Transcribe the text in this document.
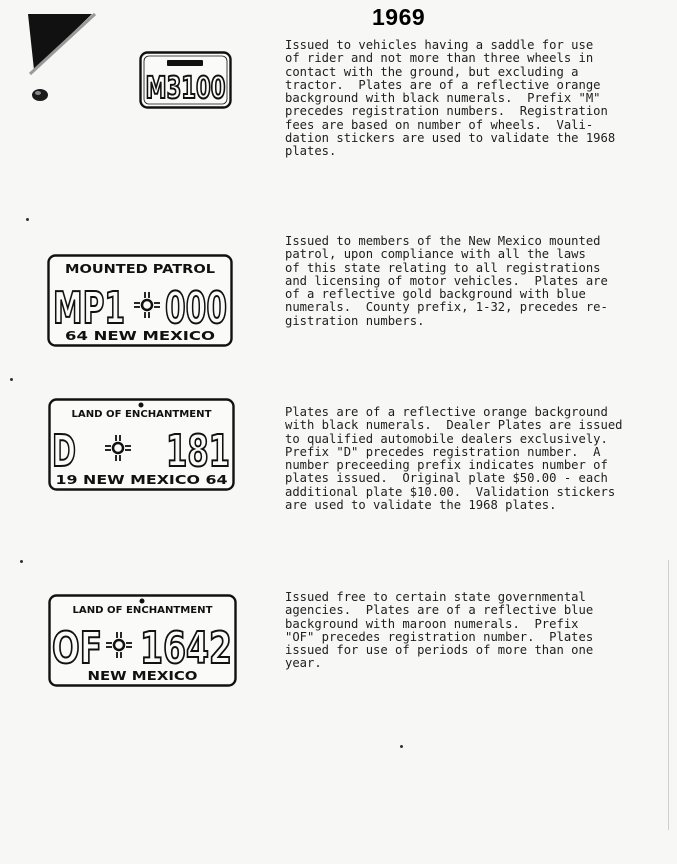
1969
M3100
MOUNTED PATROL
MP1 000
64 NEW MEXICO
LAND OF ENCHANTMENT
D 181
19 NEW MEXICO 64
LAND OF ENCHANTMENT
OF 1642
NEW MEXICO
Issued to vehicles having a saddle for use
of rider and not more than three wheels in
contact with the ground, but excluding a
tractor.  Plates are of a reflective orange
background with black numerals.  Prefix "M"
precedes registration numbers.  Registration
fees are based on number of wheels.  Vali-
dation stickers are used to validate the 1968
plates.
Issued to members of the New Mexico mounted
patrol, upon compliance with all the laws
of this state relating to all registrations
and licensing of motor vehicles.  Plates are
of a reflective gold background with blue
numerals.  County prefix, 1-32, precedes re-
gistration numbers.
Plates are of a reflective orange background
with black numerals.  Dealer Plates are issued
to qualified automobile dealers exclusively.
Prefix "D" precedes registration number.  A
number preceeding prefix indicates number of
plates issued.  Original plate $50.00 - each
additional plate $10.00.  Validation stickers
are used to validate the 1968 plates.
Issued free to certain state governmental
agencies.  Plates are of a reflective blue
background with maroon numerals.  Prefix
"OF" precedes registration number.  Plates
issued for use of periods of more than one
year.
